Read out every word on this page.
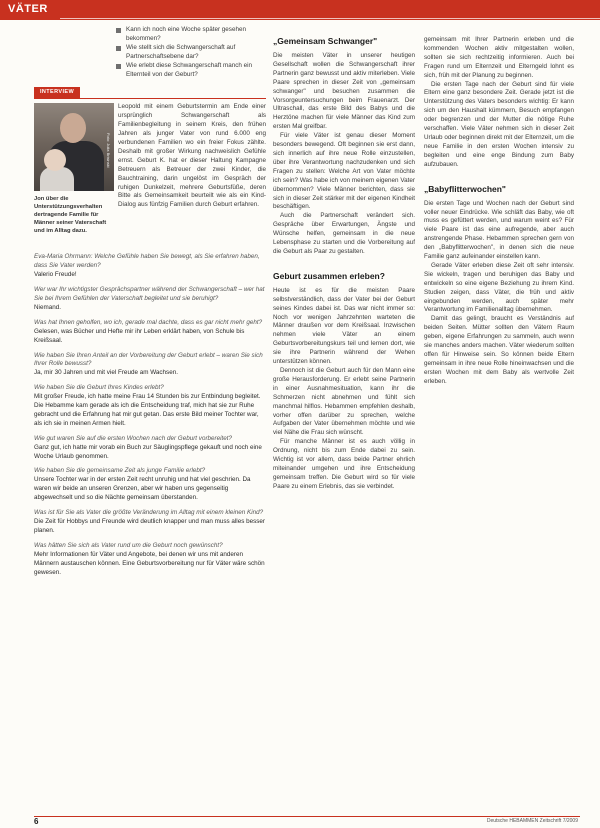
VÄTER
Kann ich noch eine Woche später gesehen bekommen?
Wie stellt sich die Schwangerschaft auf Partnerschaftsebene dar?
Wie erlebt diese Schwangerschaft manch ein Elternteil von der Geburt?
INTERVIEW
Foto: Julia Brisinski
Jon über die Unterstützungsverhalten dertragende Familie für Männer seiner Vaterschaft und im Alltag dazu.

Leopold mit einem Geburtstermin am Ende einer ursprünglich Schwangerschaft als Familienbegleitung in seinem Kreis, den frühen Jahren als junger Vater von rund 6.000 eng verbundenen Familien wo ein freier Fokus zählte. Deshalb mit großer Wirkung nachweislich Gefühle ernst. Geburt K. hat er dieser Haltung Kampagne Betreuern als Betreuer der zwei Kinder, die Bauchtraining, darin ungelöst im Gespräch der ruhigen Dunkelzeit, mehrere Geburtsfüße, deren Bitte als Gemeinsamkeit beurteilt wie als ein Kind-Dialog aus fünfzig Familien durch Geburt erfahren.

Eva-Maria Ohrmann: Welche Gefühle haben Sie bewegt, als Sie erfahren haben, dass Sie Vater werden?
Valerio Freude!
Wer war Ihr wichtigster Gesprächspartner während der Schwangerschaft – wer hat Sie bei Ihrem Gefühlen der Vaterschaft begleitet und sie beruhigt?
Niemand.
Was hat Ihnen geholfen, wo ich, gerade mal dachte, dass es gar nicht mehr geht?
Gelesen, was Bücher und Hefte mir ihr Leben erklärt haben, von Schule bis Kreißsaal.
Wie haben Sie Ihren Anteil an der Vorbereitung der Geburt erlebt – waren Sie sich Ihrer Rolle bewusst?
Ja, mir 30 Jahren und mit viel Freude am Wachsen.
Wie haben Sie die Geburt Ihres Kindes erlebt?
Mit großer Freude, ich hatte meine Frau 14 Stunden bis zur Entbindung begleitet. Die Hebamme kam gerade als ich die Entscheidung traf, mich hat sie zur Ruhe gebracht und die Erfahrung hat mir gut getan. Das erste Bild meiner Tochter war, als ich sie in meinen Armen hielt.
Wie gut waren Sie auf die ersten Wochen nach der Geburt vorbereitet?
Ganz gut, ich hatte mir vorab ein Buch zur Säuglingspflege gekauft und noch eine Woche Urlaub genommen.
Wie haben Sie die gemeinsame Zeit als junge Familie erlebt?
Unsere Tochter war in der ersten Zeit recht unruhig und hat viel geschrien. Da waren wir beide an unseren Grenzen, aber wir haben uns gegenseitig abgewechselt und so die Nächte gemeinsam überstanden.
Was ist für Sie als Vater die größte Veränderung im Alltag mit einem kleinen Kind?
Die Zeit für Hobbys und Freunde wird deutlich knapper und man muss alles besser planen.
Was hätten Sie sich als Vater rund um die Geburt noch gewünscht?
Mehr Informationen für Väter und Angebote, bei denen wir uns mit anderen Männern austauschen können. Eine Geburtsvorbereitung nur für Väter wäre schön gewesen.
„Gemeinsam Schwanger"

Die meisten Väter in unserer heutigen Gesellschaft wollen die Schwangerschaft ihrer Partnerin ganz bewusst und aktiv miterleben. Viele Paare sprechen in dieser Zeit von „gemeinsam schwanger" und besuchen zusammen die Vorsorgeuntersuchungen beim Frauenarzt. Der Ultraschall, das erste Bild des Babys und die Herztöne machen für viele Männer das Kind zum ersten Mal greifbar.

Für viele Väter ist genau dieser Moment besonders bewegend. Oft beginnen sie erst dann, sich innerlich auf ihre neue Rolle einzustellen, über ihre Verantwortung nachzudenken und sich Fragen zu stellen: Welche Art von Vater möchte ich sein? Was habe ich von meinem eigenen Vater übernommen? Viele Männer berichten, dass sie sich in dieser Zeit stärker mit der eigenen Kindheit beschäftigen.

Auch die Partnerschaft verändert sich. Gespräche über Erwartungen, Ängste und Wünsche helfen, gemeinsam in die neue Lebensphase zu starten und die Vorbereitung auf die Geburt als Paar zu gestalten.

Geburt zusammen erleben?

Heute ist es für die meisten Paare selbstverständlich, dass der Vater bei der Geburt seines Kindes dabei ist. Das war nicht immer so: Noch vor wenigen Jahrzehnten warteten die Männer draußen vor dem Kreißsaal. Inzwischen nehmen viele Väter an einem Geburtsvorbereitungskurs teil und lernen dort, wie sie ihre Partnerin während der Wehen unterstützen können.

Dennoch ist die Geburt auch für den Mann eine große Herausforderung. Er erlebt seine Partnerin in einer Ausnahmesituation, kann ihr die Schmerzen nicht abnehmen und fühlt sich manchmal hilflos. Hebammen empfehlen deshalb, vorher offen darüber zu sprechen, welche Aufgaben der Vater übernehmen möchte und wie viel Nähe die Frau sich wünscht.

Für manche Männer ist es auch völlig in Ordnung, nicht bis zum Ende dabei zu sein. Wichtig ist vor allem, dass beide Partner ehrlich miteinander umgehen und ihre Entscheidung gemeinsam treffen. Die Geburt wird so für viele Paare zu einem Erlebnis, das sie verbindet.

gemeinsam mit Ihrer Partnerin erleben und die kommenden Wochen aktiv mitgestalten wollen, sollten sie sich rechtzeitig informieren. Auch bei Fragen rund um Elternzeit und Elterngeld lohnt es sich, früh mit der Planung zu beginnen.

Die ersten Tage nach der Geburt sind für viele Eltern eine ganz besondere Zeit. Gerade jetzt ist die Unterstützung des Vaters besonders wichtig: Er kann sich um den Haushalt kümmern, Besuch empfangen oder begrenzen und der Mutter die nötige Ruhe verschaffen. Viele Väter nehmen sich in dieser Zeit Urlaub oder beginnen direkt mit der Elternzeit, um die neue Familie in den ersten Wochen intensiv zu begleiten und eine enge Bindung zum Baby aufzubauen.

„Babyflitterwochen"

Die ersten Tage und Wochen nach der Geburt sind voller neuer Eindrücke. Wie schläft das Baby, wie oft muss es gefüttert werden, und warum weint es? Für viele Paare ist das eine aufregende, aber auch anstrengende Phase. Hebammen sprechen gern von den „Babyflitterwochen", in denen sich die neue Familie ganz aufeinander einstellen kann.

Gerade Väter erleben diese Zeit oft sehr intensiv. Sie wickeln, tragen und beruhigen das Baby und entwickeln so eine eigene Beziehung zu ihrem Kind. Studien zeigen, dass Väter, die früh und aktiv eingebunden werden, auch später mehr Verantwortung im Familienalltag übernehmen.

Damit das gelingt, braucht es Verständnis auf beiden Seiten. Mütter sollten den Vätern Raum geben, eigene Erfahrungen zu sammeln, auch wenn sie manches anders machen. Väter wiederum sollten offen für Hinweise sein. So können beide Eltern gemeinsam in ihre neue Rolle hineinwachsen und die ersten Wochen mit dem Baby als wertvolle Zeit erleben.

6	Deutsche HEBAMMEN Zeitschrift 7/2009
